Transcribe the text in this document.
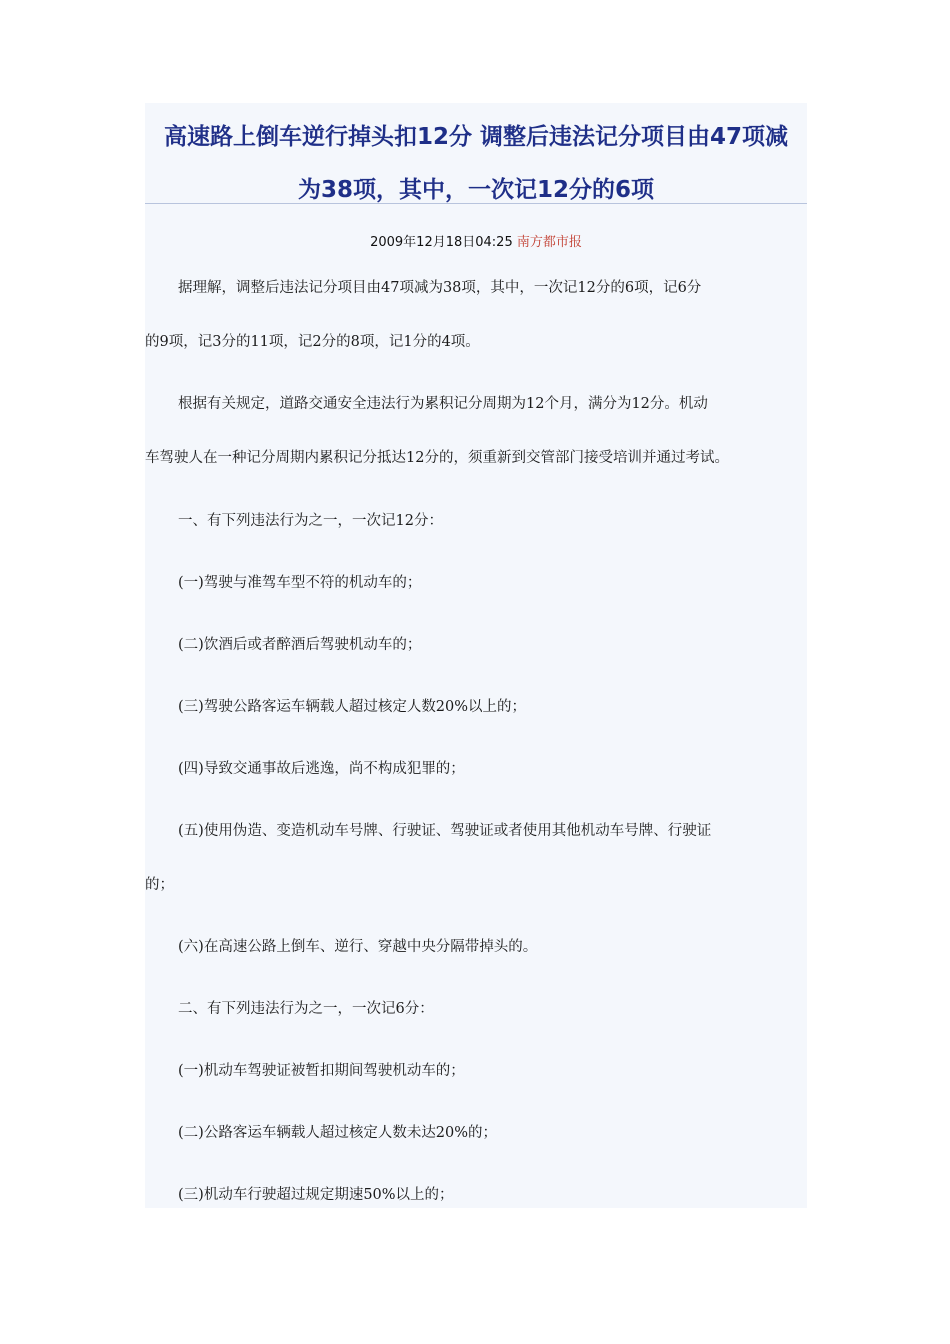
高速路上倒车逆行掉头扣12分 调整后违法记分项目由47项减
为38项，其中，一次记12分的6项
2009年12月18日04:25 南方都市报
据理解，调整后违法记分项目由47项减为38项，其中，一次记12分的6项，记6分
的9项，记3分的11项，记2分的8项，记1分的4项。
根据有关规定，道路交通安全违法行为累积记分周期为12个月，满分为12分。机动
车驾驶人在一种记分周期内累积记分抵达12分的，须重新到交管部门接受培训并通过考试。
一、有下列违法行为之一，一次记12分：
(一)驾驶与准驾车型不符的机动车的；
(二)饮酒后或者醉酒后驾驶机动车的；
(三)驾驶公路客运车辆载人超过核定人数20%以上的；
(四)导致交通事故后逃逸，尚不构成犯罪的；
(五)使用伪造、变造机动车号牌、行驶证、驾驶证或者使用其他机动车号牌、行驶证
的；
(六)在高速公路上倒车、逆行、穿越中央分隔带掉头的。
二、有下列违法行为之一，一次记6分：
(一)机动车驾驶证被暂扣期间驾驶机动车的；
(二)公路客运车辆载人超过核定人数未达20%的；
(三)机动车行驶超过规定期速50%以上的；
